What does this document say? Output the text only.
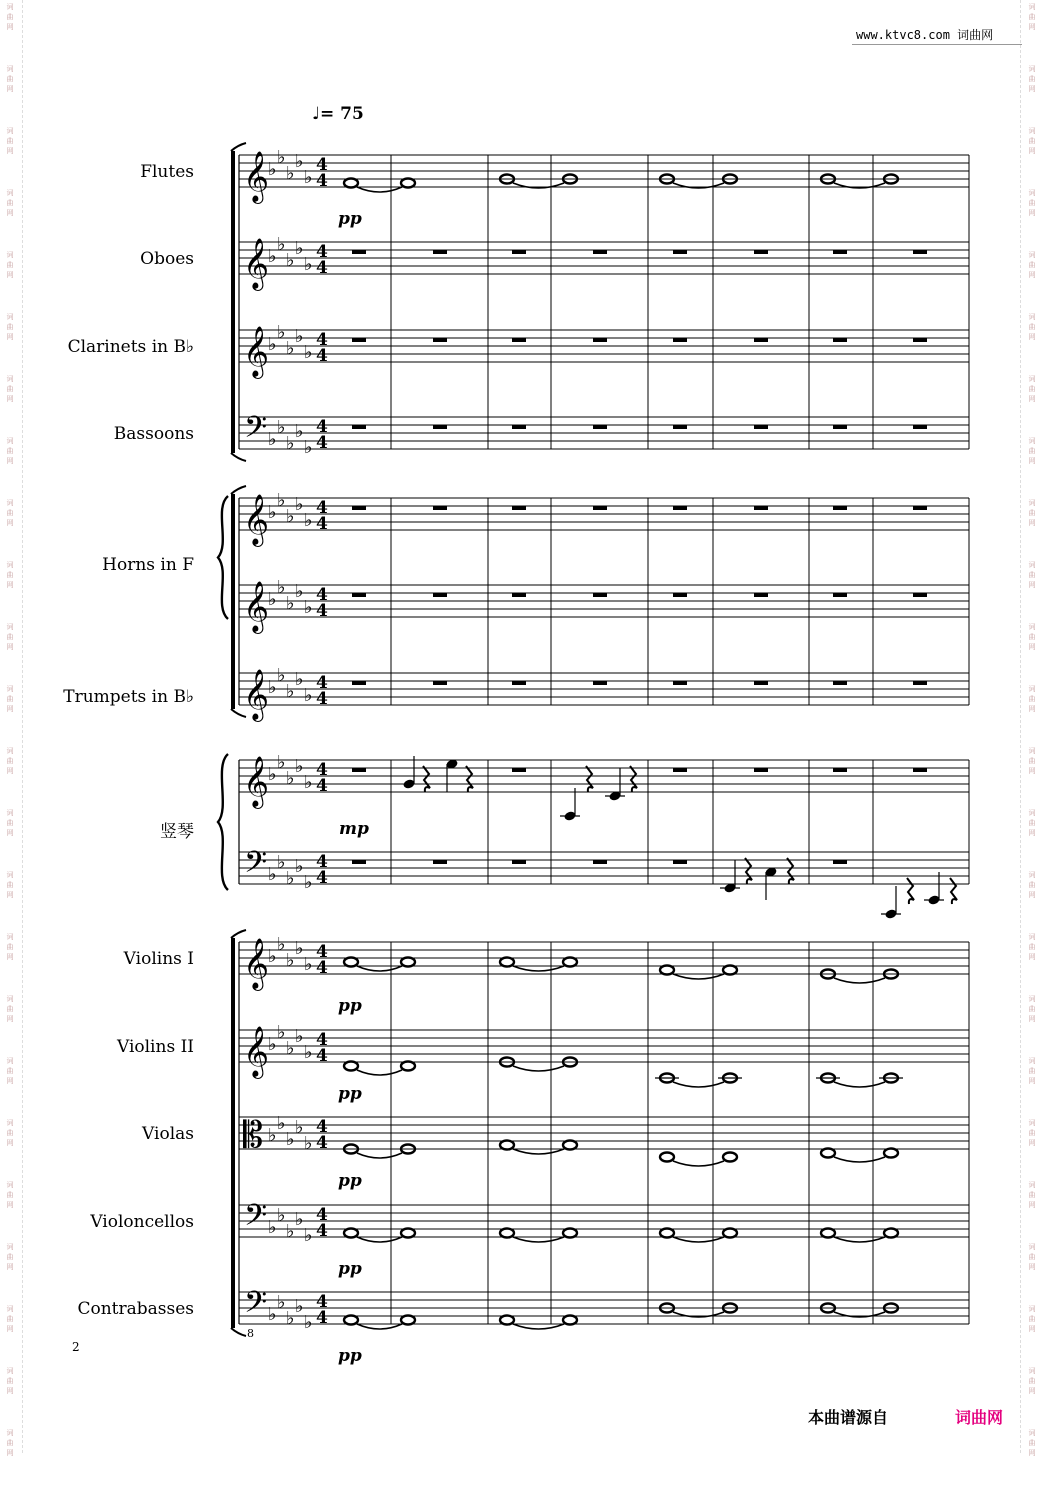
词曲网
词曲网
词曲网
词曲网
词曲网
词曲网
词曲网
词曲网
词曲网
词曲网
词曲网
词曲网
词曲网
词曲网
词曲网
词曲网
词曲网
词曲网
词曲网
词曲网
词曲网
词曲网
词曲网
词曲网
词曲网
词曲网
词曲网
词曲网
词曲网
词曲网
词曲网
词曲网
词曲网
词曲网
词曲网
词曲网
词曲网
词曲网
词曲网
词曲网
词曲网
词曲网
词曲网
词曲网
词曲网
词曲网
词曲网
词曲网
www.ktvc8.com 词曲网
♩= 75
Flutes
Oboes
Clarinets in B♭
Bassoons
Horns in F
Trumpets in B♭
竖琴
Violins I
Violins II
Violas
Violoncellos
Contrabasses
𝄞
♭
♭
♭
♭
♭
4
4
𝄞
♭
♭
♭
♭
♭
4
4
𝄞
♭
♭
♭
♭
♭
4
4
𝄢 ♭
♭
♭
♭
♭
4
4
𝄞
♭
♭
♭
♭
♭
4
4
𝄞
♭
♭
♭
♭
♭
4
4
𝄞
♭
♭
♭
♭
♭
4
4
𝄞
♭
♭
♭
♭
♭
4
4
𝄢 ♭
♭
♭
♭
♭
4
4
𝄞
♭
♭
♭
♭
♭
4
4
𝄞
♭
♭
♭
♭
♭
4
4
𝄡 ♭
♭
♭
♭
♭
4
4
𝄢 ♭
♭
♭
♭
♭
4
4
𝄢 ♭
♭
♭
♭
♭
4
4
pp
mp
pp
pp
pp
pp
pp
8
2
本曲谱源自	词曲网
